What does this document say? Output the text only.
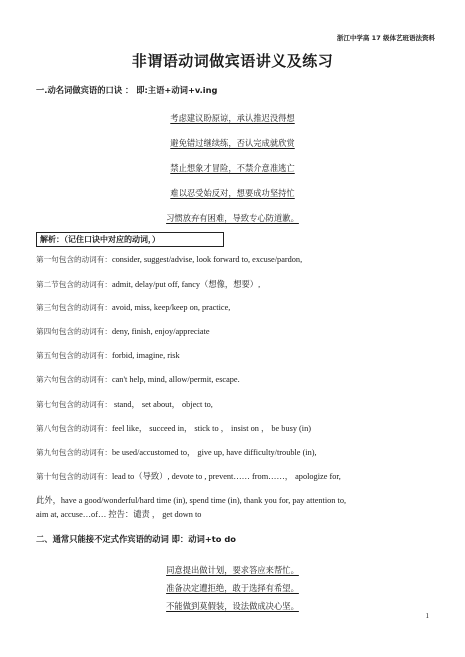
浙江中学高 17 级体艺班语法资料
非谓语动词做宾语讲义及练习
一.动名词做宾语的口诀 ： 即:主语+动词+v.ing
考虑建议盼原谅，承认推迟没得想
避免错过继续练，否认完成就欣赏
禁止想象才冒险，不禁介意准逃亡
难以忍受始反对，想要成功坚持忙
习惯放弃有困难，导致专心防道歉。
解析：（记住口诀中对应的动词，）
第一句包含的动词有：consider, suggest/advise, look forward to, excuse/pardon,
第二节包含的动词有：admit, delay/put off, fancy（想像，想要）,
第三句包含的动词有：avoid, miss, keep/keep on, practice,
第四句包含的动词有：deny, finish, enjoy/appreciate
第五句包含的动词有：forbid, imagine, risk
第六句包含的动词有：can't help, mind, allow/permit, escape.
第七句包含的动词有： stand， set about， object to,
第八句包含的动词有：feel like， succeed in， stick to ， insist on ， be busy (in)
第九句包含的动词有：be used/accustomed to， give up, have difficulty/trouble (in),
第十句包含的动词有：lead to（导致）, devote to , prevent…… from……， apologize for,
此外，have a good/wonderful/hard time (in), spend time (in), thank you for, pay attention to,
aim at, accuse…of… 控告：谴责 ， get down to
二、通常只能接不定式作宾语的动词 即：动词+to do
同意提出做计划，要求答应来帮忙。
准备决定遭拒绝，敢于选择有希望。
不能做到莫假装，设法做成决心坚。
1
